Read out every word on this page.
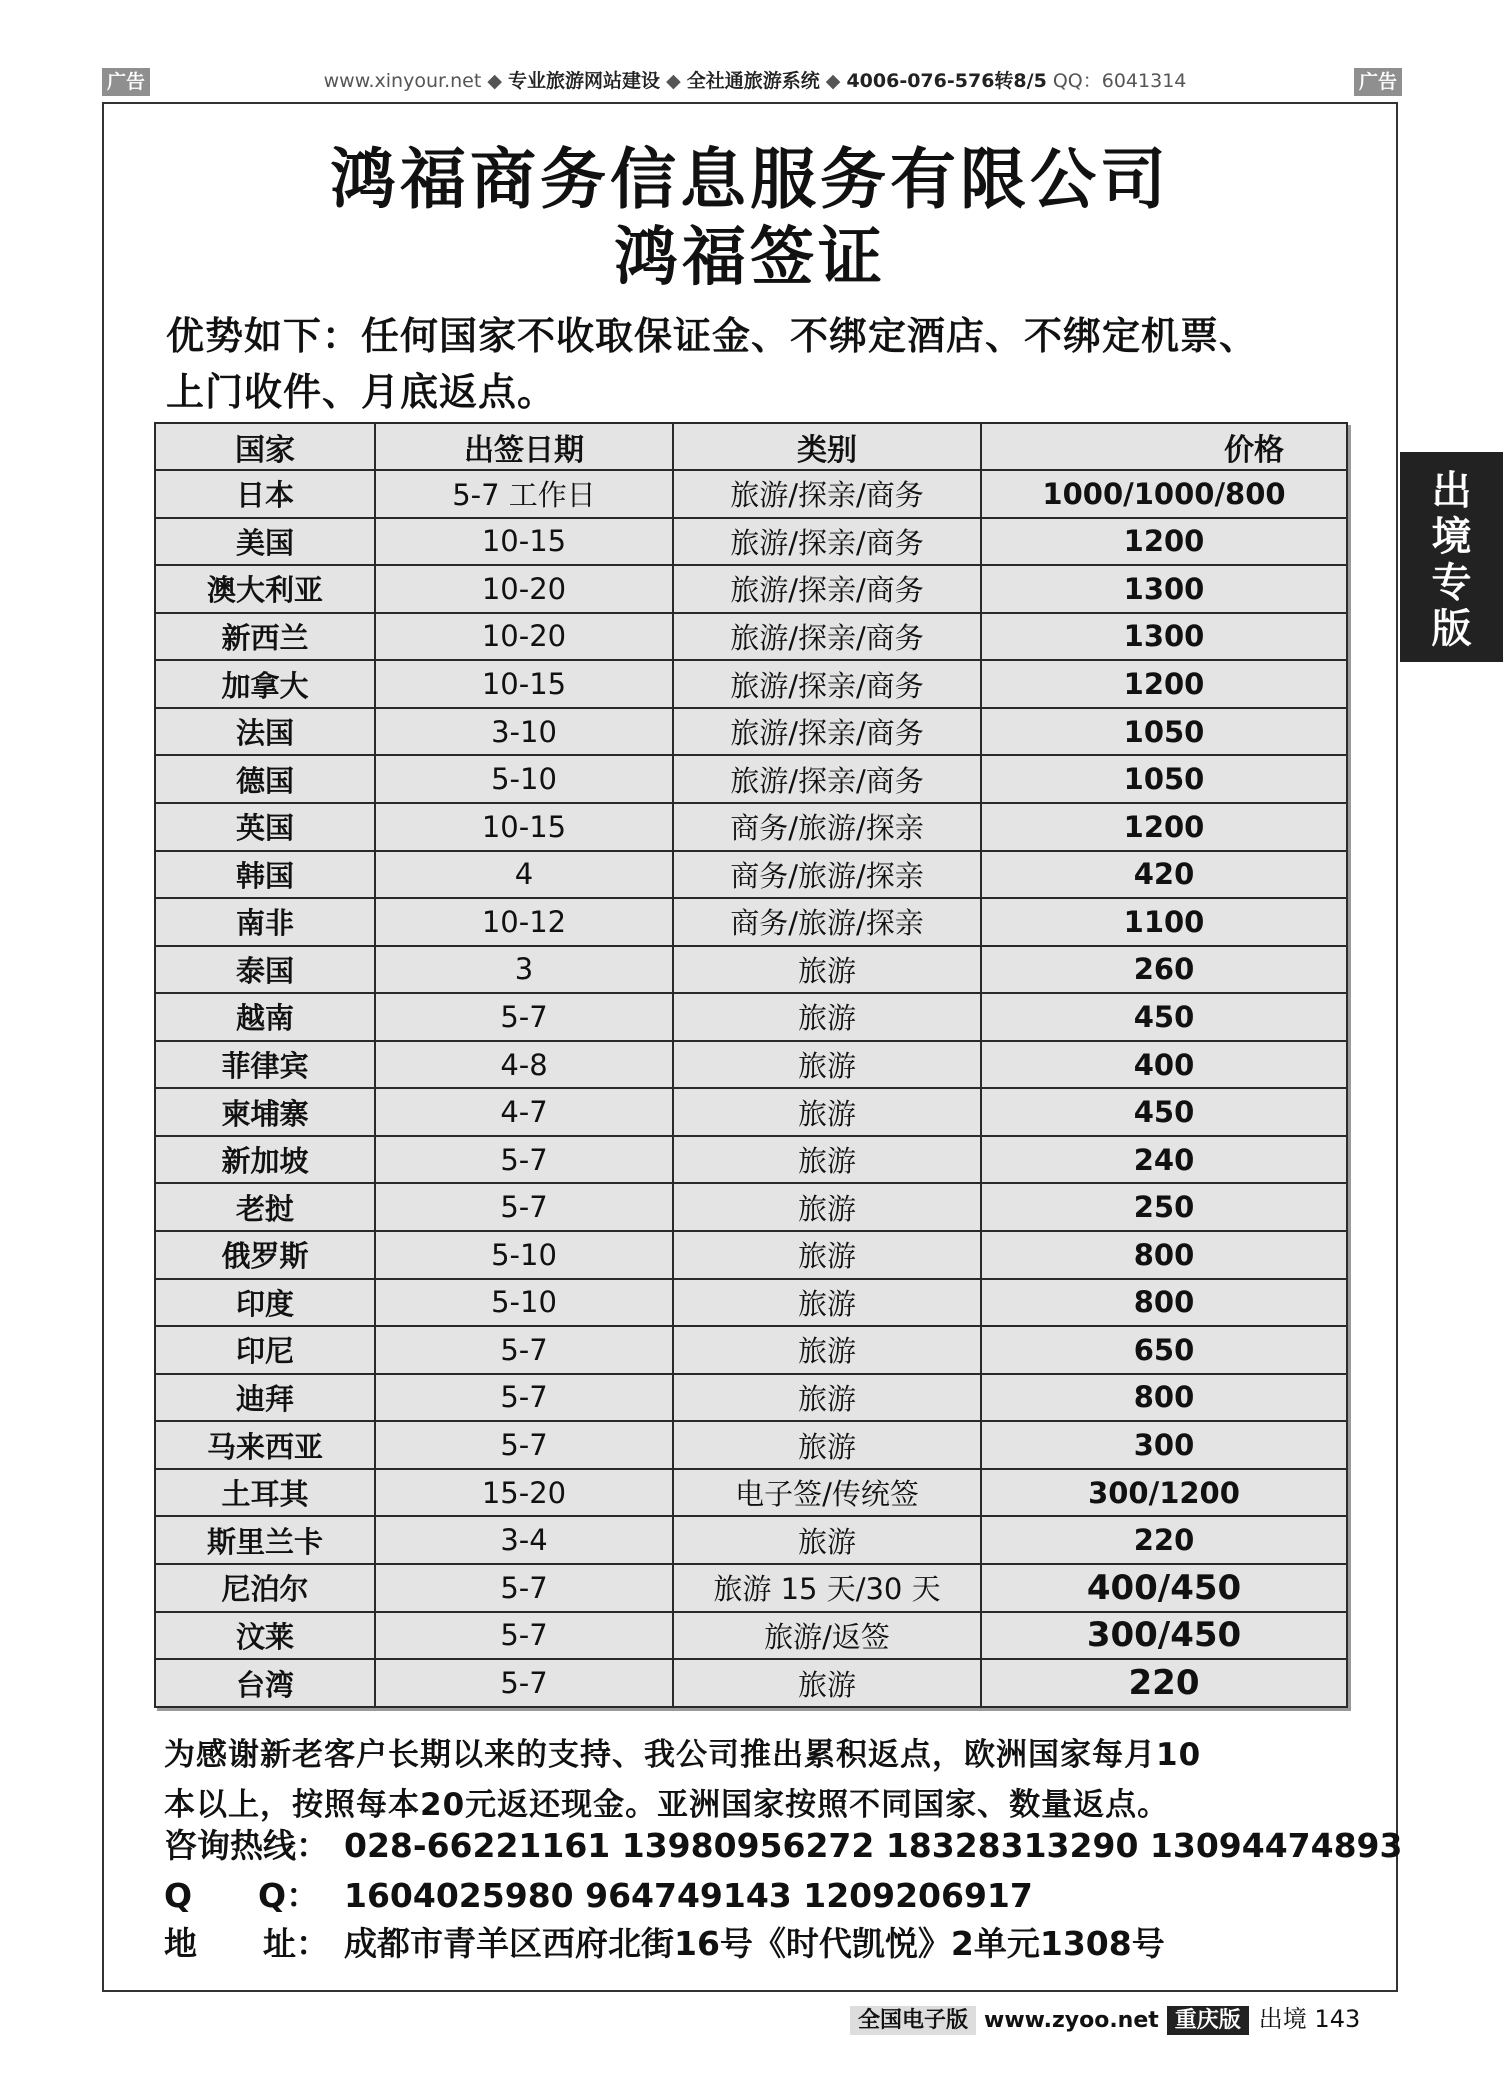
广告	广告
www.xinyour.net ◆ 专业旅游网站建设 ◆ 全社通旅游系统 ◆ 4006-076-576转8/5 QQ：6041314
鸿福商务信息服务有限公司
鸿福签证
优势如下：任何国家不收取保证金、不绑定酒店、不绑定机票、
上门收件、月底返点。
出
境
专
版
国家	出签日期	类别	价格
日本	5-7 工作日	旅游/探亲/商务	1000/1000/800
美国	10-15	旅游/探亲/商务	1200
澳大利亚	10-20	旅游/探亲/商务	1300
新西兰	10-20	旅游/探亲/商务	1300
加拿大	10-15	旅游/探亲/商务	1200
法国	3-10	旅游/探亲/商务	1050
德国	5-10	旅游/探亲/商务	1050
英国	10-15	商务/旅游/探亲	1200
韩国	4	商务/旅游/探亲	420
南非	10-12	商务/旅游/探亲	1100
泰国	3	旅游	260
越南	5-7	旅游	450
菲律宾	4-8	旅游	400
柬埔寨	4-7	旅游	450
新加坡	5-7	旅游	240
老挝	5-7	旅游	250
俄罗斯	5-10	旅游	800
印度	5-10	旅游	800
印尼	5-7	旅游	650
迪拜	5-7	旅游	800
马来西亚	5-7	旅游	300
土耳其	15-20	电子签/传统签	300/1200
斯里兰卡	3-4	旅游	220
尼泊尔	5-7	旅游 15 天/30 天	400/450
汶莱	5-7	旅游/返签	300/450
台湾	5-7	旅游	220
为感谢新老客户长期以来的支持、我公司推出累积返点，欧洲国家每月10
本以上，按照每本20元返还现金。亚洲国家按照不同国家、数量返点。
咨询热线： 028-66221161 13980956272 18328313290 13094474893
Q　　Q： 1604025980 964749143 1209206917
地　　址： 成都市青羊区西府北街16号《时代凯悦》2单元1308号
全国电子版 www.zyoo.net 重庆版 出境 143
